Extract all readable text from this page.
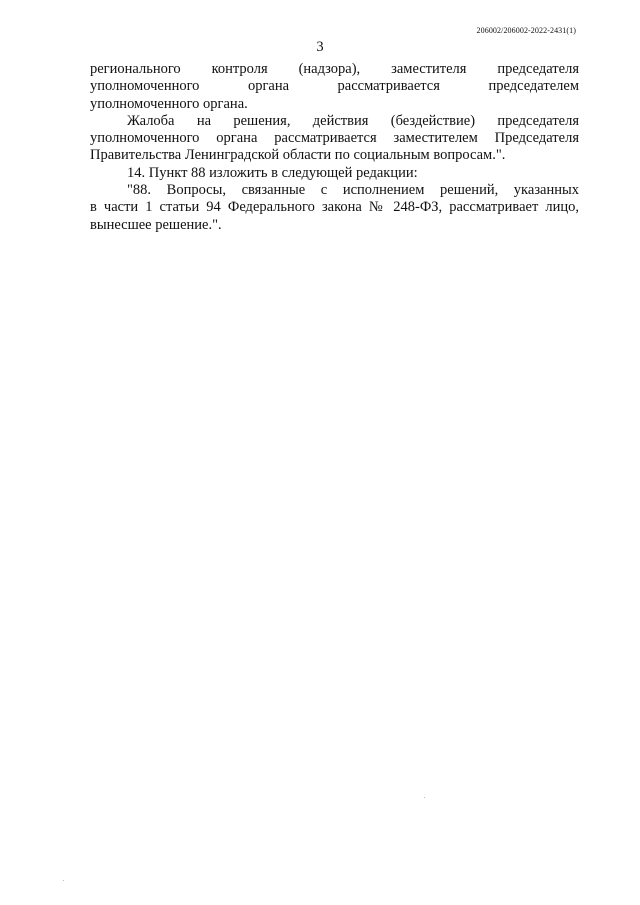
206002/206002-2022-2431(1)
3

регионального контроля (надзора), заместителя председателя

уполномоченного органа рассматривается председателем

уполномоченного органа.

Жалоба на решения, действия (бездействие) председателя

уполномоченного органа рассматривается заместителем Председателя

Правительства Ленинградской области по социальным вопросам.".

14. Пункт 88 изложить в следующей редакции:

"88. Вопросы, связанные с исполнением решений, указанных

в части 1 статьи 94 Федерального закона № 248-ФЗ, рассматривает лицо,

вынесшее решение.".
